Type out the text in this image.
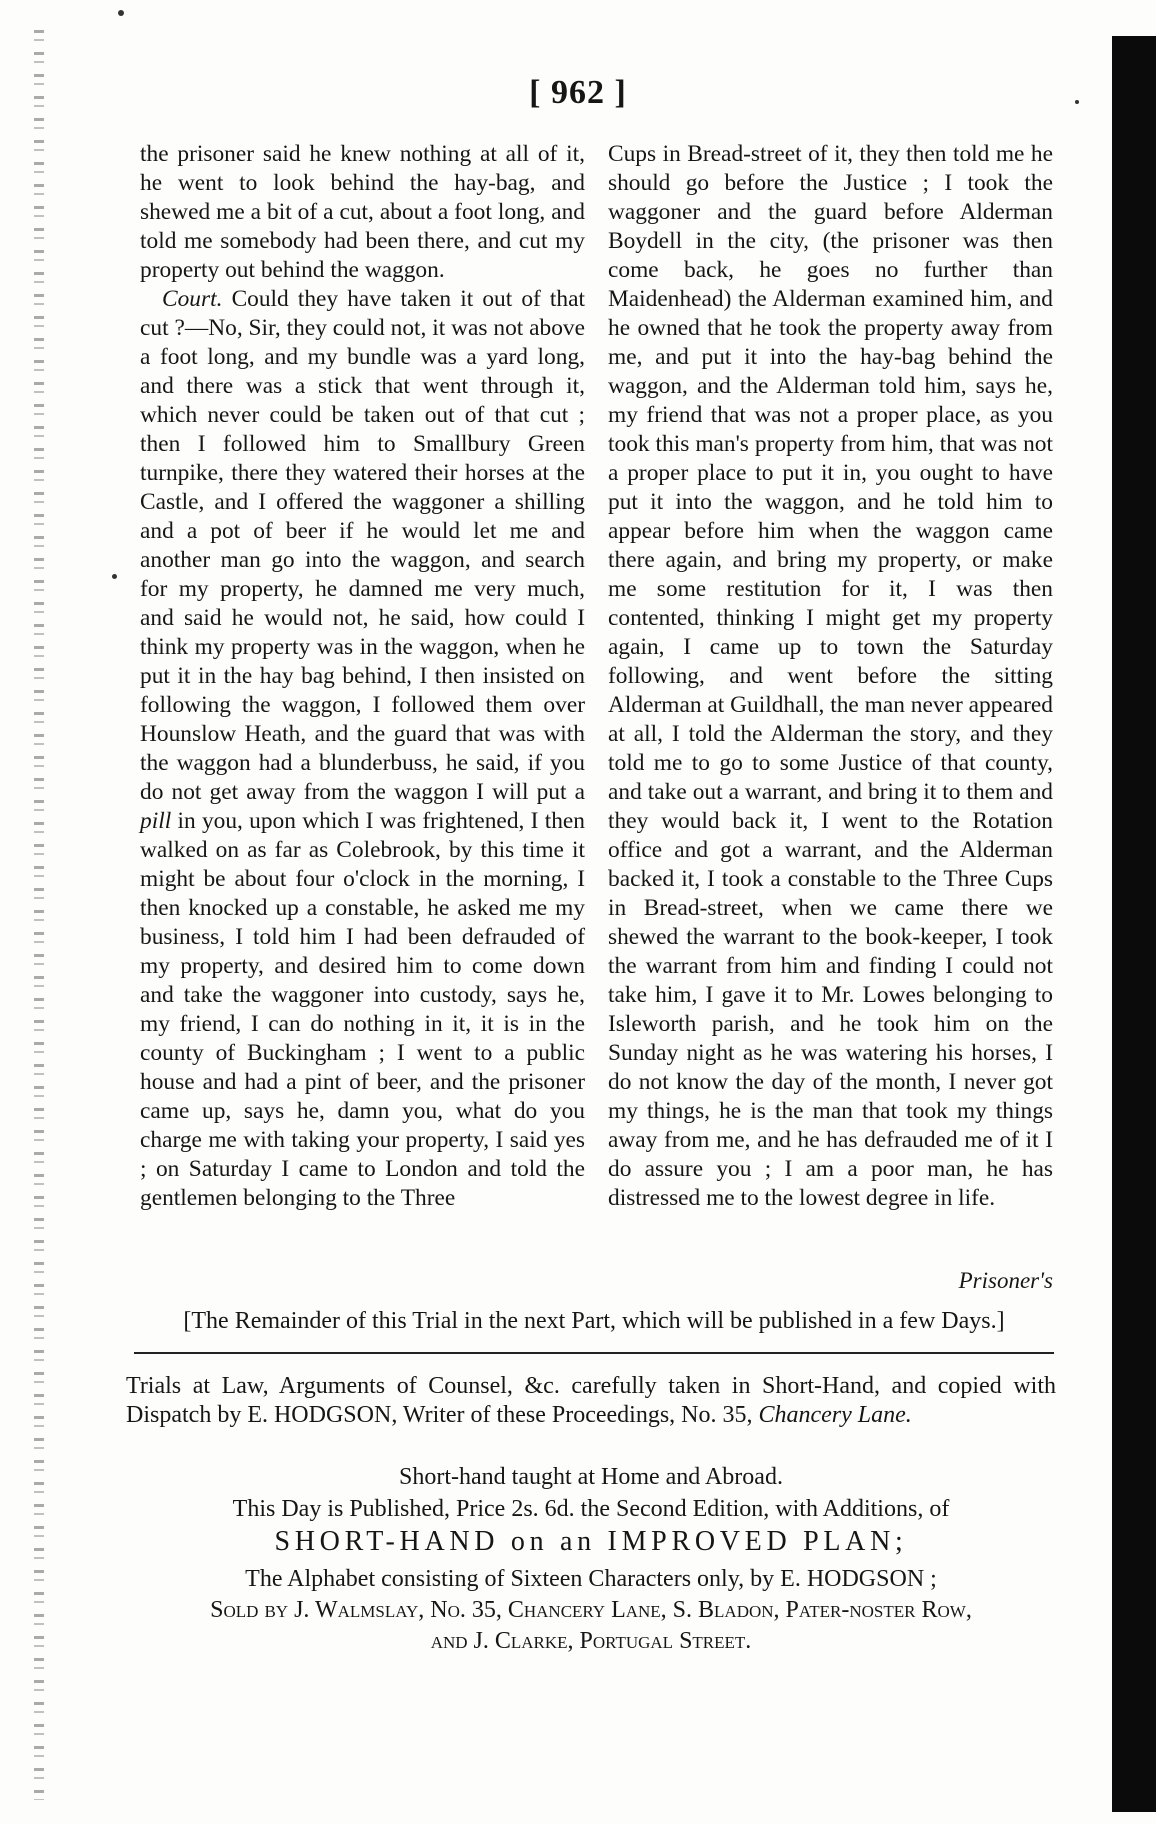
[ 962 ]

the prisoner said he knew nothing at all of it, he went to look behind the hay-bag, and shewed me a bit of a cut, about a foot long, and told me somebody had been there, and cut my property out behind the waggon.

Court. Could they have taken it out of that cut ?—No, Sir, they could not, it was not above a foot long, and my bundle was a yard long, and there was a stick that went through it, which never could be taken out of that cut ; then I followed him to Smallbury Green turnpike, there they watered their horses at the Castle, and I offered the waggoner a shilling and a pot of beer if he would let me and another man go into the waggon, and search for my property, he damned me very much, and said he would not, he said, how could I think my property was in the waggon, when he put it in the hay bag behind, I then insisted on following the waggon, I followed them over Hounslow Heath, and the guard that was with the waggon had a blunderbuss, he said, if you do not get away from the waggon I will put a pill in you, upon which I was frightened, I then walked on as far as Colebrook, by this time it might be about four o'clock in the morning, I then knocked up a constable, he asked me my business, I told him I had been defrauded of my property, and desired him to come down and take the waggoner into custody, says he, my friend, I can do nothing in it, it is in the county of Buckingham ; I went to a public house and had a pint of beer, and the prisoner came up, says he, damn you, what do you charge me with taking your property, I said yes ; on Saturday I came to London and told the gentlemen belonging to the Three

Cups in Bread-street of it, they then told me he should go before the Justice ; I took the waggoner and the guard before Alderman Boydell in the city, (the prisoner was then come back, he goes no further than Maidenhead) the Alderman examined him, and he owned that he took the property away from me, and put it into the hay-bag behind the waggon, and the Alderman told him, says he, my friend that was not a proper place, as you took this man's property from him, that was not a proper place to put it in, you ought to have put it into the waggon, and he told him to appear before him when the waggon came there again, and bring my property, or make me some restitution for it, I was then contented, thinking I might get my property again, I came up to town the Saturday following, and went before the sitting Alderman at Guildhall, the man never appeared at all, I told the Alderman the story, and they told me to go to some Justice of that county, and take out a warrant, and bring it to them and they would back it, I went to the Rotation office and got a warrant, and the Alderman backed it, I took a constable to the Three Cups in Bread-street, when we came there we shewed the warrant to the book-keeper, I took the warrant from him and finding I could not take him, I gave it to Mr. Lowes belonging to Isleworth parish, and he took him on the Sunday night as he was watering his horses, I do not know the day of the month, I never got my things, he is the man that took my things away from me, and he has defrauded me of it I do assure you ; I am a poor man, he has distressed me to the lowest degree in life.

Prisoner's
[The Remainder of this Trial in the next Part, which will be published in a few Days.]
Trials at Law, Arguments of Counsel, &c. carefully taken in Short-Hand, and copied with Dispatch by E. HODGSON, Writer of these Proceedings, No. 35, Chancery Lane.
Short-hand taught at Home and Abroad.
This Day is Published, Price 2s. 6d. the Second Edition, with Additions, of
SHORT-HAND on an IMPROVED PLAN;
The Alphabet consisting of Sixteen Characters only, by E. HODGSON ;
Sold by J. Walmslay, No. 35, Chancery Lane, S. Bladon, Pater-noster Row,
and J. Clarke, Portugal Street.
